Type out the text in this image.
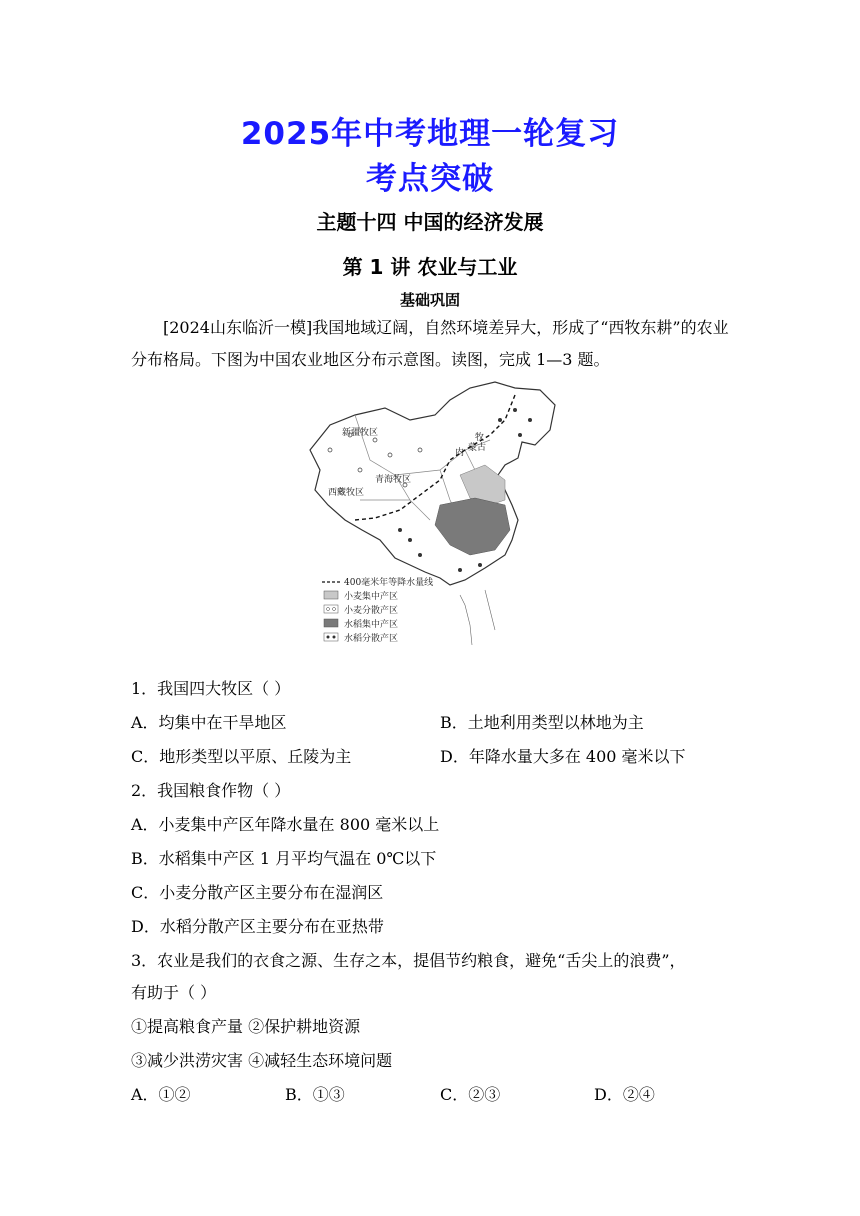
2025年中考地理一轮复习
考点突破
主题十四 中国的经济发展
第 1 讲 农业与工业
基础巩固
[2024山东临沂一模]我国地域辽阔，自然环境差异大，形成了“西牧东耕”的农业分布格局。下图为中国农业地区分布示意图。读图，完成 1—3 题。
新疆牧区
西藏牧区
青海牧区
内 蒙古
牧
400毫米年等降水量线
小麦集中产区
小麦分散产区
水稻集中产区
水稻分散产区
1．我国四大牧区（ ）
A．均集中在干旱地区	B．土地利用类型以林地为主
C．地形类型以平原、丘陵为主	D．年降水量大多在 400 毫米以下
2．我国粮食作物（ ）
A．小麦集中产区年降水量在 800 毫米以上
B．水稻集中产区 1 月平均气温在 0℃以下
C．小麦分散产区主要分布在湿润区
D．水稻分散产区主要分布在亚热带
3．农业是我们的衣食之源、生存之本，提倡节约粮食，避免“舌尖上的浪费”，
有助于（ ）
①提高粮食产量 ②保护耕地资源
③减少洪涝灾害 ④减轻生态环境问题
A．①②	B．①③	C．②③	D．②④
